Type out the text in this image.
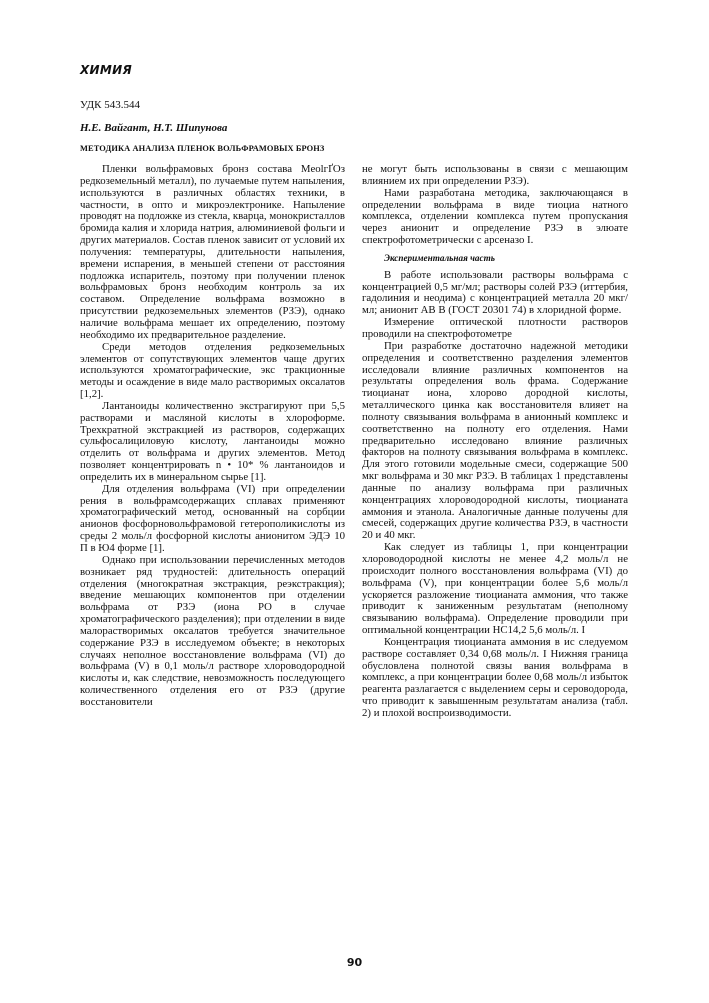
ХИМИЯ
УДК 543.544
Н.Е. Вайгант, Н.Т. Шипунова
МЕТОДИКА АНАЛИЗА ПЛЕНОК ВОЛЬФРАМОВЫХ БРОНЗ

Пленки вольфрамовых бронз состава MeоlгҐОз редкоземельный металл), по лучаемые путем напыления, используются в различных областях техники, в частности, в опто и микроэлектронике. Напыление проводят на подложке из стекла, кварца, монокристаллов бромида калия и хлорида натрия, алюминиевой фольги и других материалов. Состав пленок зависит от условий их получения: температуры, длительности напыления, времени испарения, в меньшей степени от расстояния подложка испаритель, поэтому при получении пленок вольфрамовых бронз необходим контроль за их составом. Определение вольфрама возможно в присутствии редкоземельных элементов (РЗЭ), однако наличие вольфрама мешает их определению, поэтому необходимо их предварительное разделение.

Среди методов отделения редкоземельных элементов от сопутствующих элементов чаще других используются хроматографические, экс тракционные методы и осаждение в виде мало растворимых оксалатов [1,2].

Лантаноиды количественно экстрагируют при 5,5 растворами и масляной кислоты в хлороформе. Трехкратной экстракцией из растворов, содержащих сульфосалициловую кислоту, лантаноиды можно отделить от вольфрама и других элементов. Метод позволяет концентрировать n • 10* % лантаноидов и определить их в минеральном сырье [1].

Для отделения вольфрама (VI) при определении рения в вольфрамсодержащих сплавах применяют хроматографический метод, основанный на сорбции анионов фосфорновольфрамовой гетерополикислоты из среды 2 моль/л фосфорной кислоты анионитом ЭДЭ 10 П в Ю4 форме [1].

Однако при использовании перечисленных методов возникает ряд трудностей: длительность операций отделения (многократная экстракция, реэкстракция); введение мешающих компонентов при отделении вольфрама от РЗЭ (иона РО в случае хроматографического разделения); при отделении в виде малорастворимых оксалатов требуется значительное содержание РЗЭ в исследуемом объекте; в некоторых случаях неполное восстановление вольфрама (VI) до вольфрама (V) в 0,1 моль/л растворе хлороводородной кислоты и, как следствие, невозможность последующего количественного отделения его от РЗЭ (другие восстановители

не могут быть использованы в связи с мешающим влиянием их при определении РЗЭ).

Нами разработана методика, заключающаяся в определении вольфрама в виде тиоциа натного комплекса, отделении комплекса путем пропускания через анионит и определение РЗЭ в элюате спектрофотометрически с арсеназо I.

Экспериментальная часть

В работе использовали растворы вольфрама с концентрацией 0,5 мг/мл; растворы солей РЗЭ (иттербия, гадолиния и неодима) с концентрацией металла 20 мкг/мл; анионит АВ В (ГОСТ 20301 74) в хлоридной форме.

Измерение оптической плотности растворов проводили на спектрофотометре

При разработке достаточно надежной методики определения и соответственно разделения элементов исследовали влияние различных компонентов на результаты определения воль фрама. Содержание тиоцианат иона, хлорово дородной кислоты, металлического цинка как восстановителя влияет на полноту связывания вольфрама в анионный комплекс и соответственно на полноту его отделения. Нами предварительно исследовано влияние различных факторов на полноту связывания вольфрама в комплекс. Для этого готовили модельные смеси, содержащие 500 мкг вольфрама и 30 мкг РЗЭ. В таблицах 1 представлены данные по анализу вольфрама при различных концентрациях хлороводородной кислоты, тиоцианата аммония и этанола. Аналогичные данные получены для смесей, содержащих другие количества РЗЭ, в частности 20 и 40 мкг.

Как следует из таблицы 1, при концентрации хлороводородной кислоты не менее 4,2 моль/л не происходит полного восстановления вольфрама (VI) до вольфрама (V), при концентрации более 5,6 моль/л ускоряется разложение тиоцианата аммония, что также приводит к заниженным результатам (неполному связыванию вольфрама). Определение проводили при оптимальной концентрации НС14,2 5,6 моль/л. I

Концентрация тиоцианата аммония в ис следуемом растворе составляет 0,34 0,68 моль/л. I Нижняя граница обусловлена полнотой связы вания вольфрама в комплекс, а при концентрации более 0,68 моль/л избыток реагента разлагается с выделением серы и сероводорода, что приводит к завышенным результатам анализа (табл. 2) и плохой воспроизводимости.

90
